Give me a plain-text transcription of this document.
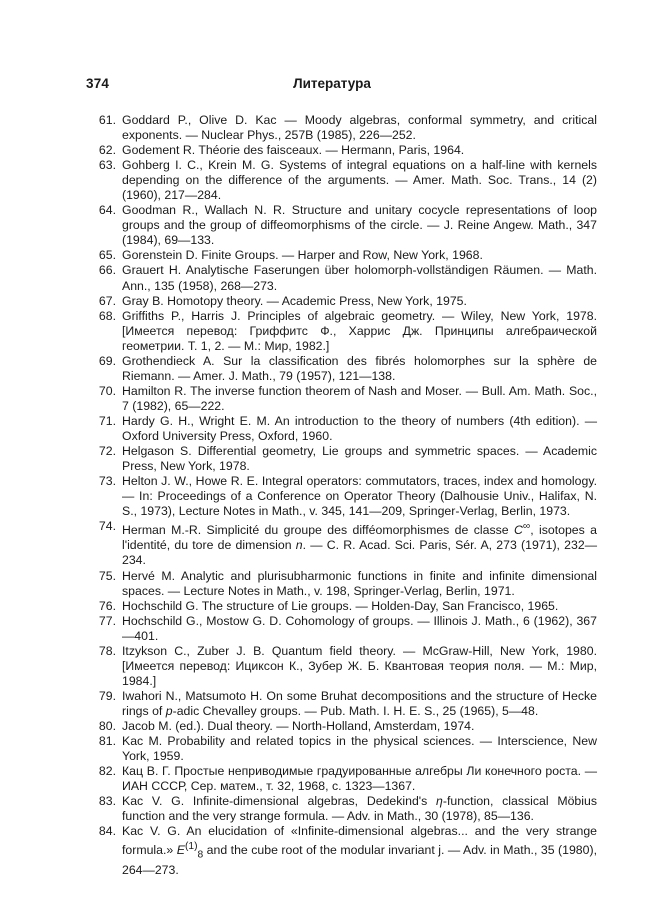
374	Литература
61. Goddard P., Olive D. Kac — Moody algebras, conformal symmetry, and critical exponents. — Nuclear Phys., 257B (1985), 226—252.
62. Godement R. Théorie des faisceaux. — Hermann, Paris, 1964.
63. Gohberg I. C., Krein M. G. Systems of integral equations on a half-line with kernels depending on the difference of the arguments. — Amer. Math. Soc. Trans., 14 (2) (1960), 217—284.
64. Goodman R., Wallach N. R. Structure and unitary cocycle representations of loop groups and the group of diffeomorphisms of the circle. — J. Reine Angew. Math., 347 (1984), 69—133.
65. Gorenstein D. Finite Groups. — Harper and Row, New York, 1968.
66. Grauert H. Analytische Faserungen über holomorph-vollständigen Räumen. — Math. Ann., 135 (1958), 268—273.
67. Gray B. Homotopy theory. — Academic Press, New York, 1975.
68. Griffiths P., Harris J. Principles of algebraic geometry. — Wiley, New York, 1978. [Имеется перевод: Гриффитс Ф., Харрис Дж. Принципы алгебраической геометрии. Т. 1, 2. — М.: Мир, 1982.]
69. Grothendieck A. Sur la classification des fibrés holomorphes sur la sphère de Riemann. — Amer. J. Math., 79 (1957), 121—138.
70. Hamilton R. The inverse function theorem of Nash and Moser. — Bull. Am. Math. Soc., 7 (1982), 65—222.
71. Hardy G. H., Wright E. M. An introduction to the theory of numbers (4th edition). — Oxford University Press, Oxford, 1960.
72. Helgason S. Differential geometry, Lie groups and symmetric spaces. — Academic Press, New York, 1978.
73. Helton J. W., Howe R. E. Integral operators: commutators, traces, index and homology. — In: Proceedings of a Conference on Operator Theory (Dalhousie Univ., Halifax, N. S., 1973), Lecture Notes in Math., v. 345, 141—209, Springer-Verlag, Berlin, 1973.
74. Herman M.-R. Simplicité du groupe des difféomorphismes de classe C∞, isotopes a l'identité, du tore de dimension n. — C. R. Acad. Sci. Paris, Sér. A, 273 (1971), 232—234.
75. Hervé M. Analytic and plurisubharmonic functions in finite and infinite dimensional spaces. — Lecture Notes in Math., v. 198, Springer-Verlag, Berlin, 1971.
76. Hochschild G. The structure of Lie groups. — Holden-Day, San Francisco, 1965.
77. Hochschild G., Mostow G. D. Cohomology of groups. — Illinois J. Math., 6 (1962), 367—401.
78. Itzykson C., Zuber J. B. Quantum field theory. — McGraw-Hill, New York, 1980. [Имеется перевод: Ициксон К., Зубер Ж. Б. Квантовая теория поля. — М.: Мир, 1984.]
79. Iwahori N., Matsumoto H. On some Bruhat decompositions and the structure of Hecke rings of p-adic Chevalley groups. — Pub. Math. I. H. E. S., 25 (1965), 5—48.
80. Jacob M. (ed.). Dual theory. — North-Holland, Amsterdam, 1974.
81. Kac M. Probability and related topics in the physical sciences. — Interscience, New York, 1959.
82. Кац В. Г. Простые неприводимые градуированные алгебры Ли конечного роста. — ИАН СССР, Сер. матем., т. 32, 1968, с. 1323—1367.
83. Kac V. G. Infinite-dimensional algebras, Dedekind's η-function, classical Möbius function and the very strange formula. — Adv. in Math., 30 (1978), 85—136.
84. Kac V. G. An elucidation of «Infinite-dimensional algebras... and the very strange formula.» $E^{(1)}_8$ and the cube root of the modular invariant j. — Adv. in Math., 35 (1980), 264—273.
